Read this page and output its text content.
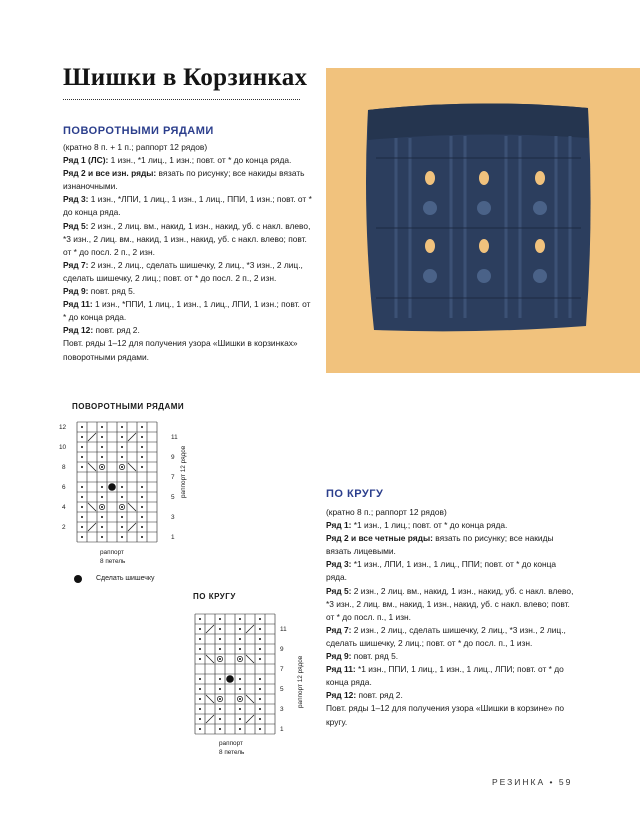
Шишки в Корзинках
ПОВОРОТНЫМИ РЯДАМИ

(кратно 8 п. + 1 п.; раппорт 12 рядов)

Ряд 1 (ЛС): 1 изн., *1 лиц., 1 изн.; повт. от * до конца ряда.

Ряд 2 и все изн. ряды: вязать по рисунку; все накиды вязать изнаночными.

Ряд 3: 1 изн., *ЛПИ, 1 лиц., 1 изн., 1 лиц., ППИ, 1 изн.; повт. от * до конца ряда.

Ряд 5: 2 изн., 2 лиц. вм., накид, 1 изн., накид, уб. с накл. влево, *3 изн., 2 лиц. вм., накид, 1 изн., накид, уб. с накл. влево; повт. от * до посл. 2 п., 2 изн.

Ряд 7: 2 изн., 2 лиц., сделать шишечку, 2 лиц., *3 изн., 2 лиц., сделать шишечку, 2 лиц.; повт. от * до посл. 2 п., 2 изн.

Ряд 9: повт. ряд 5.

Ряд 11: 1 изн., *ППИ, 1 лиц., 1 изн., 1 лиц., ЛПИ, 1 изн.; повт. от * до конца ряда.

Ряд 12: повт. ряд 2.

Повт. ряды 1–12 для получения узора «Шишки в корзинках» поворотными рядами.

ПОВОРОТНЫМИ РЯДАМИ
12
10
8
6
4
2
11
9
7
5
3
1
раппорт 12 рядов
раппорт
8 петель
Сделать шишечку
ПО КРУГУ
11
9
7
5
3
1
раппорт 12 рядов
раппорт
8 петель
ПО КРУГУ

(кратно 8 п.; раппорт 12 рядов)

Ряд 1: *1 изн., 1 лиц.; повт. от * до конца ряда.

Ряд 2 и все четные ряды: вязать по рисунку; все накиды вязать лицевыми.

Ряд 3: *1 изн., ЛПИ, 1 изн., 1 лиц., ППИ; повт. от * до конца ряда.

Ряд 5: 2 изн., 2 лиц. вм., накид, 1 изн., накид, уб. с накл. влево, *3 изн., 2 лиц. вм., накид, 1 изн., накид, уб. с накл. влево; повт. от * до посл. п., 1 изн.

Ряд 7: 2 изн., 2 лиц., сделать шишечку, 2 лиц., *3 изн., 2 лиц., сделать шишечку, 2 лиц.; повт. от * до посл. п., 1 изн.

Ряд 9: повт. ряд 5.

Ряд 11: *1 изн., ППИ, 1 лиц., 1 изн., 1 лиц., ЛПИ; повт. от * до конца ряда.

Ряд 12: повт. ряд 2.

Повт. ряды 1–12 для получения узора «Шишки в корзине» по кругу.

РЕЗИНКА • 59
